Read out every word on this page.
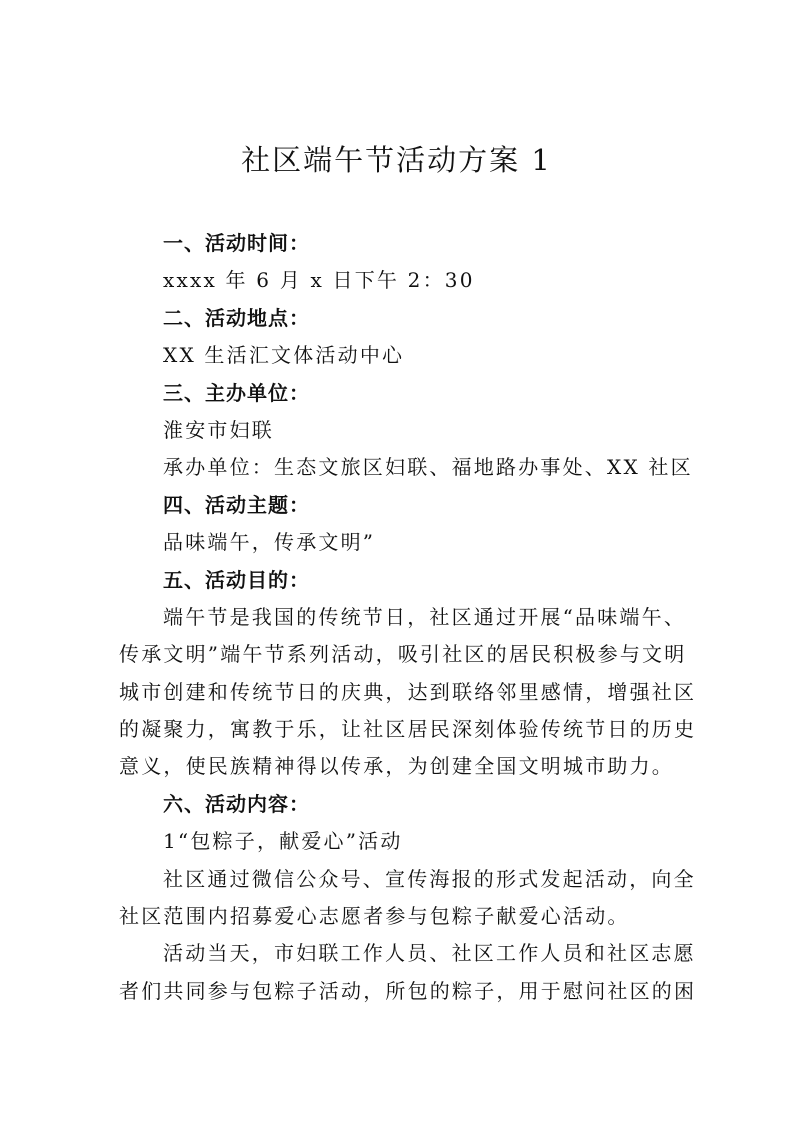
社区端午节活动方案 1
一、活动时间：
xxxx 年 6 月 x 日下午 2：30
二、活动地点：
XX 生活汇文体活动中心
三、主办单位：
淮安市妇联
承办单位：生态文旅区妇联、福地路办事处、XX 社区
四、活动主题：
品味端午，传承文明”
五、活动目的：
端午节是我国的传统节日，社区通过开展“品味端午、
传承文明”端午节系列活动，吸引社区的居民积极参与文明
城市创建和传统节日的庆典，达到联络邻里感情，增强社区
的凝聚力，寓教于乐，让社区居民深刻体验传统节日的历史
意义，使民族精神得以传承，为创建全国文明城市助力。
六、活动内容：
1“包粽子，献爱心”活动
社区通过微信公众号、宣传海报的形式发起活动，向全
社区范围内招募爱心志愿者参与包粽子献爱心活动。
活动当天，市妇联工作人员、社区工作人员和社区志愿
者们共同参与包粽子活动，所包的粽子，用于慰问社区的困
